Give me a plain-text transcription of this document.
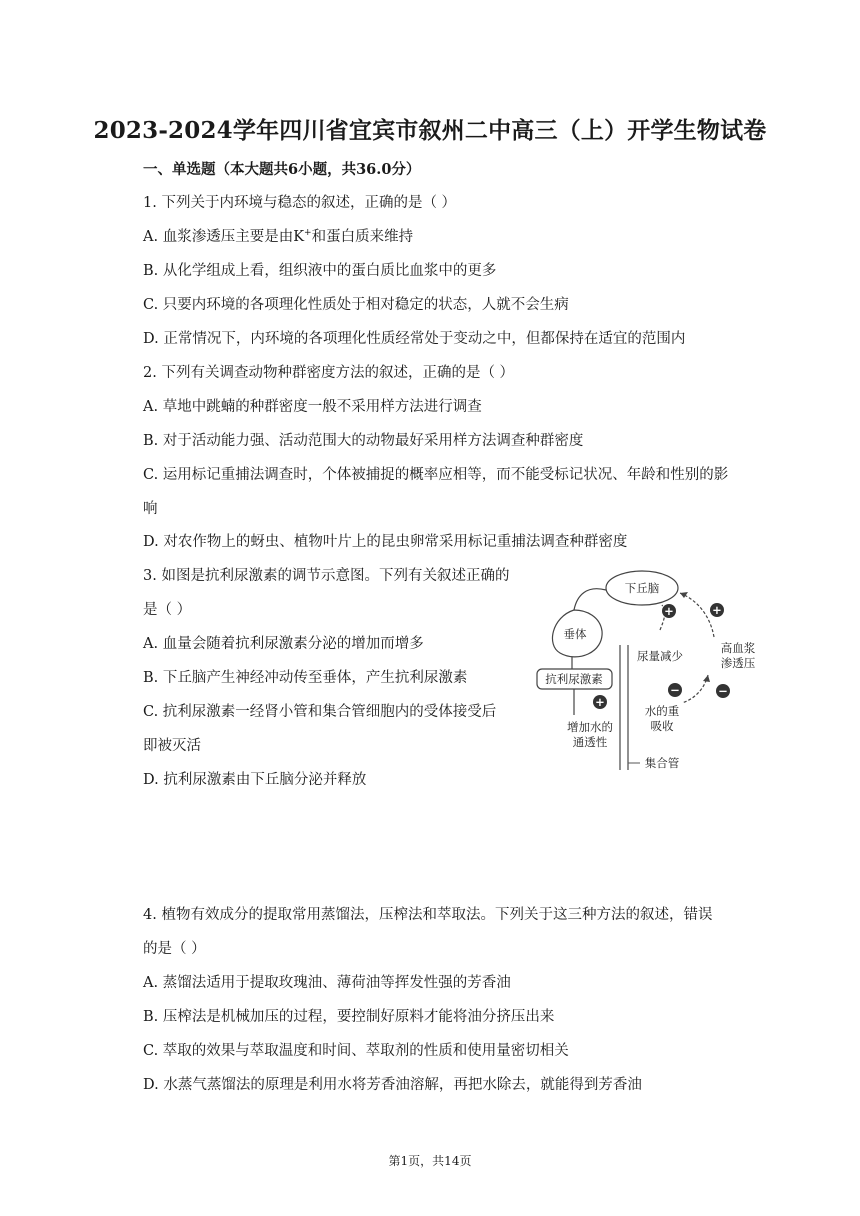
2023-2024学年四川省宜宾市叙州二中高三（上）开学生物试卷
一、单选题（本大题共6小题，共36.0分）
1. 下列关于内环境与稳态的叙述，正确的是（ ）
A. 血浆渗透压主要是由K+和蛋白质来维持
B. 从化学组成上看，组织液中的蛋白质比血浆中的更多
C. 只要内环境的各项理化性质处于相对稳定的状态，人就不会生病
D. 正常情况下，内环境的各项理化性质经常处于变动之中，但都保持在适宜的范围内
2. 下列有关调查动物种群密度方法的叙述，正确的是（ ）
A. 草地中跳蝻的种群密度一般不采用样方法进行调查
B. 对于活动能力强、活动范围大的动物最好采用样方法调查种群密度
C. 运用标记重捕法调查时，个体被捕捉的概率应相等，而不能受标记状况、年龄和性别的影
响
D. 对农作物上的蚜虫、植物叶片上的昆虫卵常采用标记重捕法调查种群密度
3. 如图是抗利尿激素的调节示意图。下列有关叙述正确的
是（ ）
A. 血量会随着抗利尿激素分泌的增加而增多
B. 下丘脑产生神经冲动传至垂体，产生抗利尿激素
C. 抗利尿激素一经肾小管和集合管细胞内的受体接受后
即被灭活
D. 抗利尿激素由下丘脑分泌并释放
下丘脑
垂体
抗利尿激素
+
增加水的
通透性
集合管
尿量减少
水的重
吸收
高血浆
渗透压
+
+
−	−
4. 植物有效成分的提取常用蒸馏法，压榨法和萃取法。下列关于这三种方法的叙述，错误
的是（ ）
A. 蒸馏法适用于提取玫瑰油、薄荷油等挥发性强的芳香油
B. 压榨法是机械加压的过程，要控制好原料才能将油分挤压出来
C. 萃取的效果与萃取温度和时间、萃取剂的性质和使用量密切相关
D. 水蒸气蒸馏法的原理是利用水将芳香油溶解，再把水除去，就能得到芳香油
第1页，共14页
